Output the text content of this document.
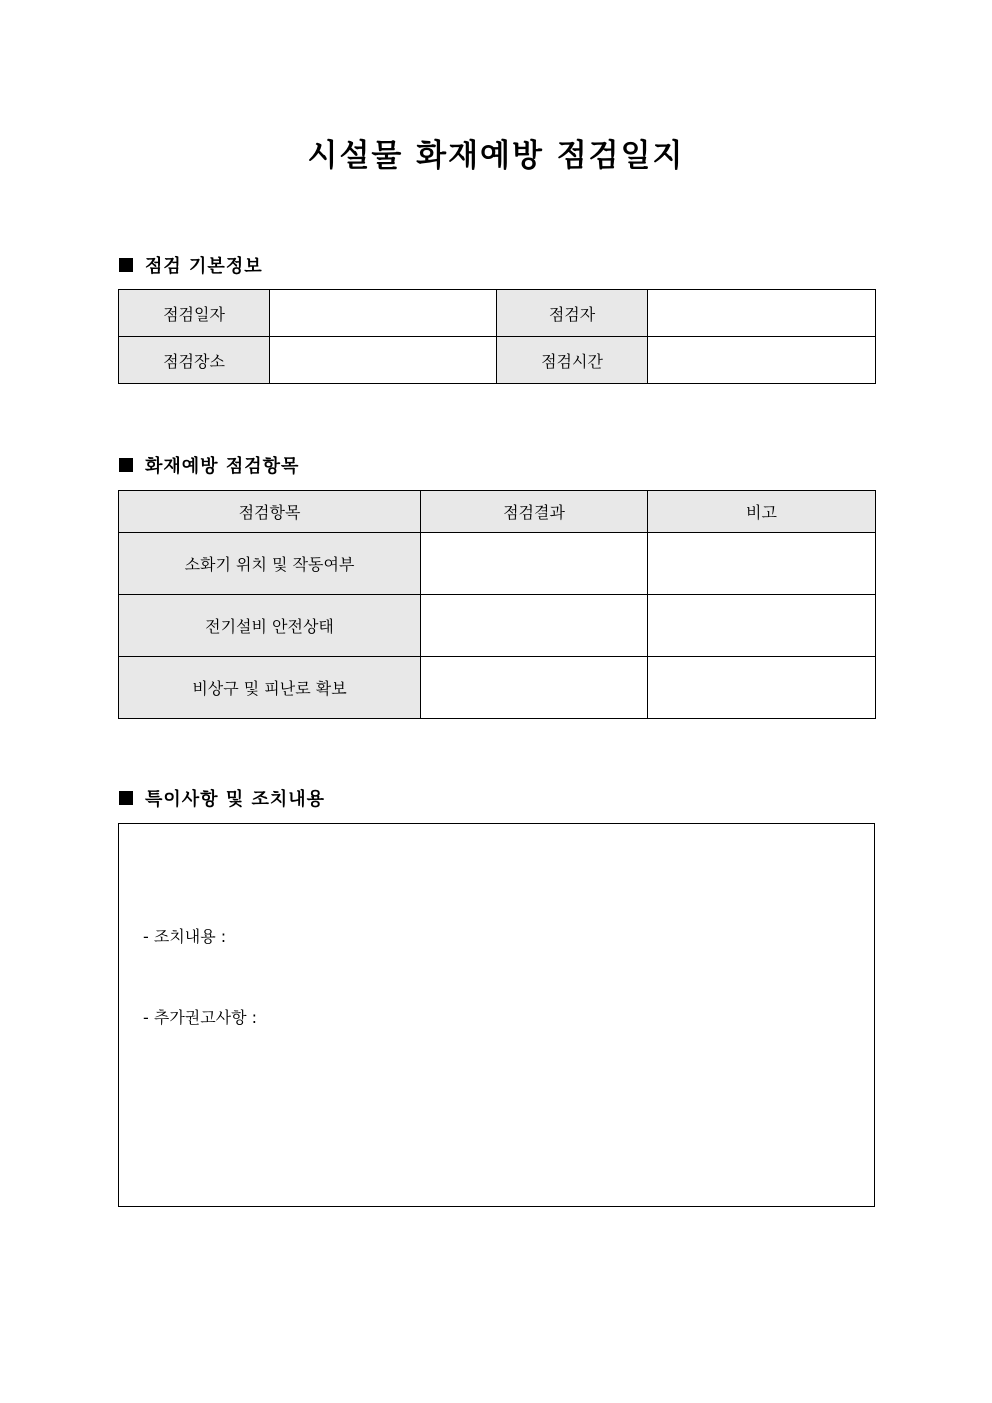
시설물 화재예방 점검일지
점검 기본정보
점검일자		점검자	
점검장소		점검시간	
화재예방 점검항목
점검항목	점검결과	비고
소화기 위치 및 작동여부		
전기설비 안전상태		
비상구 및 피난로 확보		
특이사항 및 조치내용

- 조치내용 :

- 추가권고사항 :
